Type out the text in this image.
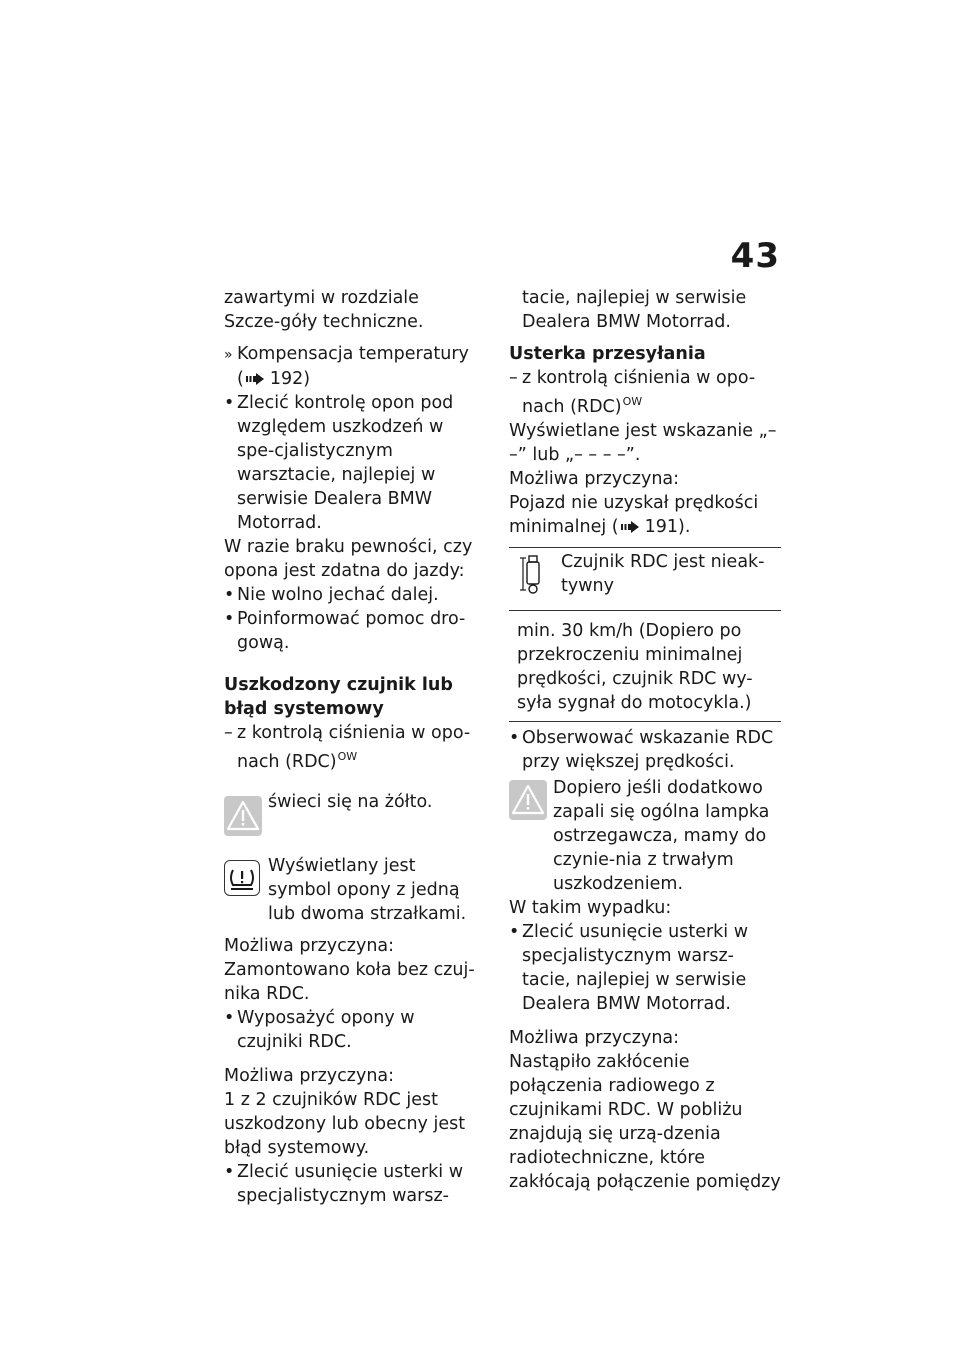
43

zawartymi w rozdziale Szcze-góły techniczne.

» Kompensacja temperatury

( 192)

• Zlecić kontrolę opon pod względem uszkodzeń w spe-cjalistycznym warsztacie, najlepiej w serwisie Dealera BMW Motorrad.

W razie braku pewności, czy opona jest zdatna do jazdy:

• Nie wolno jechać dalej.

• Poinformować pomoc dro-gową.

Uszkodzony czujnik lub błąd systemowy

– z kontrolą ciśnienia w opo-nach (RDC)$^{OW}$

świeci się na żółto.
Wyświetlany jest symbol opony z jedną lub dwoma strzałkami.

Możliwa przyczyna:

Zamontowano koła bez czuj-nika RDC.

• Wyposażyć opony w czujniki RDC.

Możliwa przyczyna:

1 z 2 czujników RDC jest uszkodzony lub obecny jest błąd systemowy.

• Zlecić usunięcie usterki w specjalistycznym warsz-

tacie, najlepiej w serwisie Dealera BMW Motorrad.

Usterka przesyłania

– z kontrolą ciśnienia w opo-nach (RDC)$^{OW}$

Wyświetlane jest wskazanie „– –” lub „– – – –”.

Możliwa przyczyna:

Pojazd nie uzyskał prędkości minimalnej ( 191).

Czujnik RDC jest nieak-tywny
min. 30 km/h (Dopiero po przekroczeniu minimalnej prędkości, czujnik RDC wy-syła sygnał do motocykla.)

• Obserwować wskazanie RDC przy większej prędkości.

Dopiero jeśli dodatkowo zapali się ogólna lampka ostrzegawcza, mamy do czynie-nia z trwałym uszkodzeniem.

W takim wypadku:

• Zlecić usunięcie usterki w specjalistycznym warsz-tacie, najlepiej w serwisie Dealera BMW Motorrad.

Możliwa przyczyna:

Nastąpiło zakłócenie połączenia radiowego z czujnikami RDC. W pobliżu znajdują się urzą-dzenia radiotechniczne, które zakłócają połączenie pomiędzy
